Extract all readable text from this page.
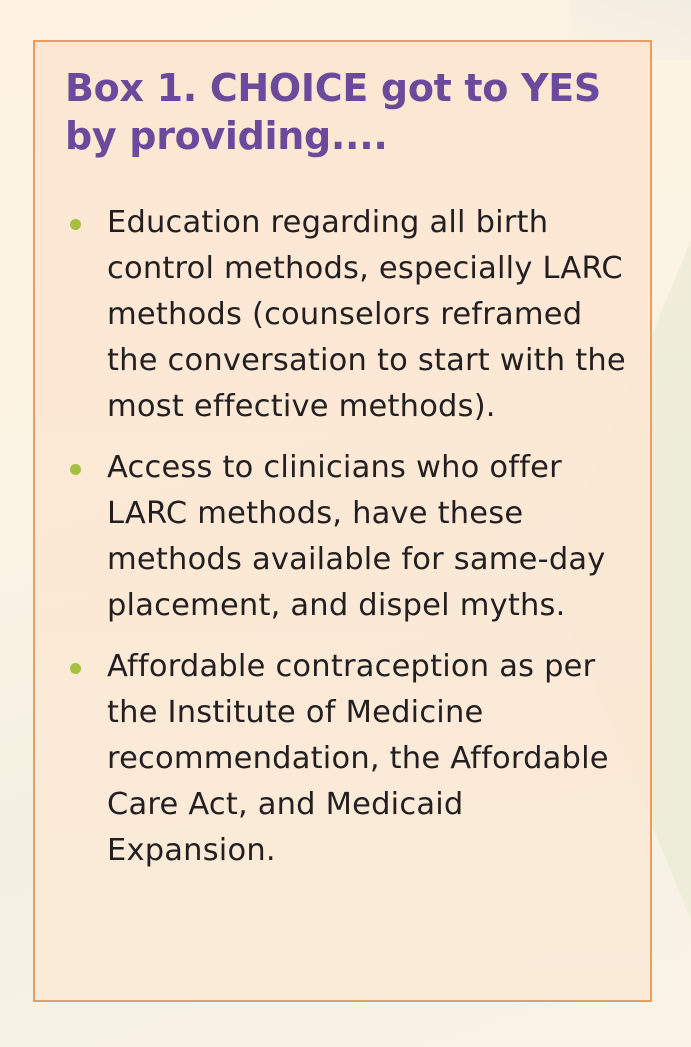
Box 1. CHOICE got to YES by providing....
Education regarding all birth control methods, especially LARC methods (counselors reframed the conversation to start with the most effective methods).
Access to clinicians who offer LARC methods, have these methods available for same-day placement, and dispel myths.
Affordable contraception as per the Institute of Medicine recommendation, the Affordable Care Act, and Medicaid Expansion.
